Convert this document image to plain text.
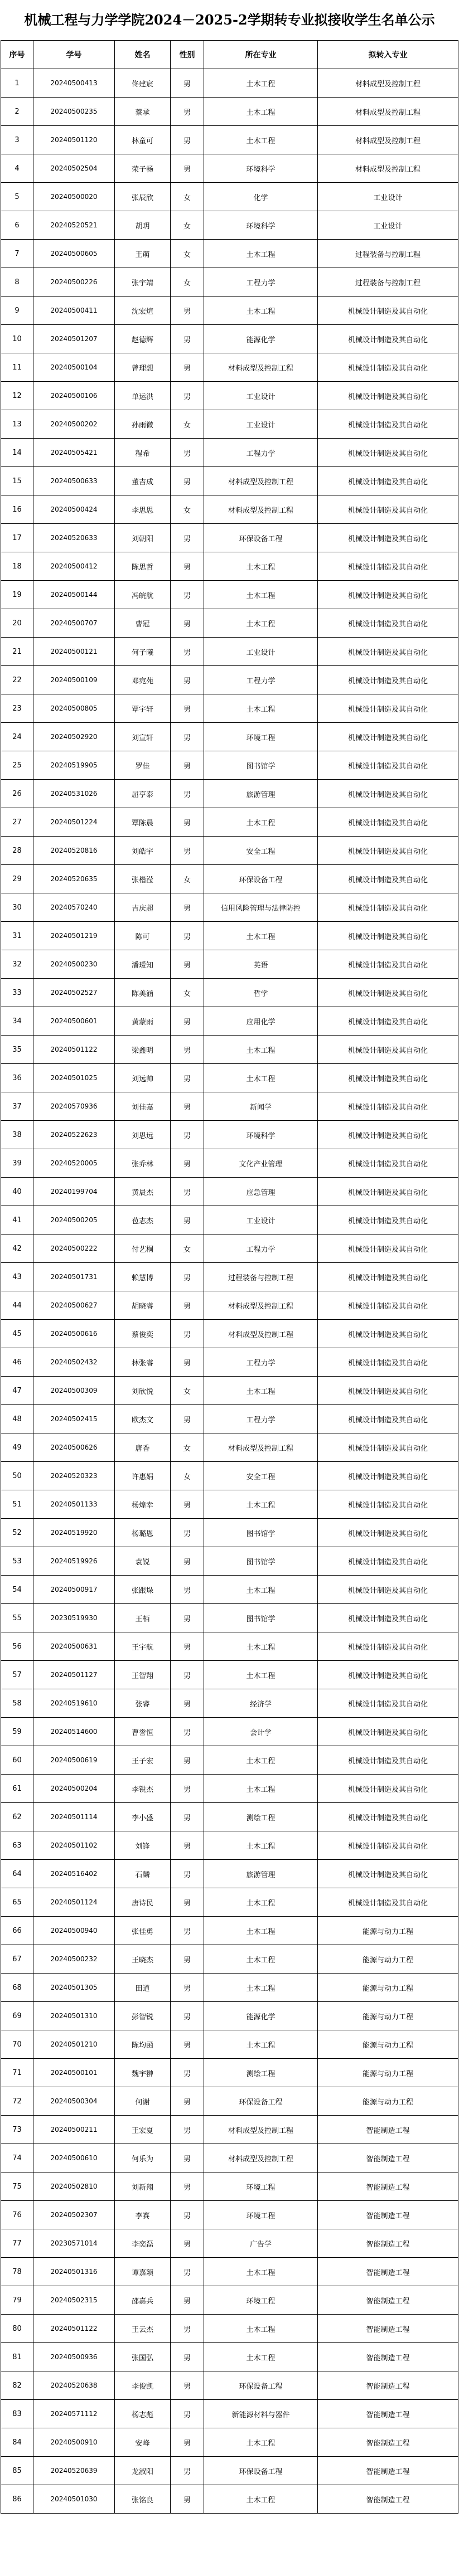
机械工程与力学学院2024－2025-2学期转专业拟接收学生名单公示
序号	学号	姓名	性别	所在专业	拟转入专业
1	20240500413	佟建宸	男	土木工程	材料成型及控制工程
2	20240500235	蔡承	男	土木工程	材料成型及控制工程
3	20240501120	林童可	男	土木工程	材料成型及控制工程
4	20240502504	荣子畅	男	环境科学	材料成型及控制工程
5	20240500020	张辰欣	女	化学	工业设计
6	20240520521	胡玥	女	环境科学	工业设计
7	20240500605	王萌	女	土木工程	过程装备与控制工程
8	20240500226	张宇靖	女	工程力学	过程装备与控制工程
9	20240500411	沈宏煊	男	土木工程	机械设计制造及其自动化
10	20240501207	赵德辉	男	能源化学	机械设计制造及其自动化
11	20240500104	曾理想	男	材料成型及控制工程	机械设计制造及其自动化
12	20240500106	单运洪	男	工业设计	机械设计制造及其自动化
13	20240500202	孙雨微	女	工业设计	机械设计制造及其自动化
14	20240505421	程希	男	工程力学	机械设计制造及其自动化
15	20240500633	董吉成	男	材料成型及控制工程	机械设计制造及其自动化
16	20240500424	李思思	女	材料成型及控制工程	机械设计制造及其自动化
17	20240520633	刘朝阳	男	环保设备工程	机械设计制造及其自动化
18	20240500412	陈思哲	男	土木工程	机械设计制造及其自动化
19	20240500144	冯皖航	男	土木工程	机械设计制造及其自动化
20	20240500707	曹冠	男	土木工程	机械设计制造及其自动化
21	20240500121	何子曦	男	工业设计	机械设计制造及其自动化
22	20240500109	邓宛苑	男	工程力学	机械设计制造及其自动化
23	20240500805	覃宇轩	男	土木工程	机械设计制造及其自动化
24	20240502920	刘宣轩	男	环境工程	机械设计制造及其自动化
25	20240519905	罗佳	男	图书馆学	机械设计制造及其自动化
26	20240531026	屈亨泰	男	旅游管理	机械设计制造及其自动化
27	20240501224	覃陈晨	男	土木工程	机械设计制造及其自动化
28	20240520816	刘皓宇	男	安全工程	机械设计制造及其自动化
29	20240520635	张楷滢	女	环保设备工程	机械设计制造及其自动化
30	20240570240	吉庆超	男	信用风险管理与法律防控	机械设计制造及其自动化
31	20240501219	陈可	男	土木工程	机械设计制造及其自动化
32	20240500230	潘瑷知	男	英语	机械设计制造及其自动化
33	20240502527	陈美涵	女	哲学	机械设计制造及其自动化
34	20240500601	黄蒙雨	男	应用化学	机械设计制造及其自动化
35	20240501122	梁鑫明	男	土木工程	机械设计制造及其自动化
36	20240501025	刘远帅	男	土木工程	机械设计制造及其自动化
37	20240570936	刘佳嘉	男	新闻学	机械设计制造及其自动化
38	20240522623	刘思远	男	环境科学	机械设计制造及其自动化
39	20240520005	张乔林	男	文化产业管理	机械设计制造及其自动化
40	20240199704	黄晨杰	男	应急管理	机械设计制造及其自动化
41	20240500205	苞志杰	男	工业设计	机械设计制造及其自动化
42	20240500222	付艺桐	女	工程力学	机械设计制造及其自动化
43	20240501731	赖慧博	男	过程装备与控制工程	机械设计制造及其自动化
44	20240500627	胡晓睿	男	材料成型及控制工程	机械设计制造及其自动化
45	20240500616	蔡俊奕	男	材料成型及控制工程	机械设计制造及其自动化
46	20240502432	林张睿	男	工程力学	机械设计制造及其自动化
47	20240500309	刘欣悦	女	土木工程	机械设计制造及其自动化
48	20240502415	欧杰文	男	工程力学	机械设计制造及其自动化
49	20240500626	唐香	女	材料成型及控制工程	机械设计制造及其自动化
50	20240520323	许惠娟	女	安全工程	机械设计制造及其自动化
51	20240501133	杨煌幸	男	土木工程	机械设计制造及其自动化
52	20240519920	杨璐恩	男	图书馆学	机械设计制造及其自动化
53	20240519926	袁锐	男	图书馆学	机械设计制造及其自动化
54	20240500917	张跟垛	男	土木工程	机械设计制造及其自动化
55	20230519930	王栢	男	图书馆学	机械设计制造及其自动化
56	20240500631	王宇航	男	土木工程	机械设计制造及其自动化
57	20240501127	王智翔	男	土木工程	机械设计制造及其自动化
58	20240519610	张睿	男	经济学	机械设计制造及其自动化
59	20240514600	曹誉恒	男	会计学	机械设计制造及其自动化
60	20240500619	王子宏	男	土木工程	机械设计制造及其自动化
61	20240500204	李锐杰	男	土木工程	机械设计制造及其自动化
62	20240501114	李小盛	男	测绘工程	机械设计制造及其自动化
63	20240501102	刘锋	男	土木工程	机械设计制造及其自动化
64	20240516402	石麟	男	旅游管理	机械设计制造及其自动化
65	20240501124	唐诗民	男	土木工程	机械设计制造及其自动化
66	20240500940	张佳勇	男	土木工程	能源与动力工程
67	20240500232	王晓杰	男	土木工程	能源与动力工程
68	20240501305	田道	男	土木工程	能源与动力工程
69	20240501310	彭智锐	男	能源化学	能源与动力工程
70	20240501210	陈均函	男	土木工程	能源与动力工程
71	20240500101	魏宇翀	男	测绘工程	能源与动力工程
72	20240500304	何谢	男	环保设备工程	能源与动力工程
73	20240500211	王宏夏	男	材料成型及控制工程	智能制造工程
74	20240500610	何乐为	男	材料成型及控制工程	智能制造工程
75	20240502810	刘新翔	男	环境工程	智能制造工程
76	20240502307	李赛	男	环境工程	智能制造工程
77	20230571014	李奕磊	男	广告学	智能制造工程
78	20240501316	谭嘉颖	男	土木工程	智能制造工程
79	20240502315	邵嘉兵	男	环境工程	智能制造工程
80	20240501122	王云杰	男	土木工程	智能制造工程
81	20240500936	张国弘	男	土木工程	智能制造工程
82	20240520638	李俊凯	男	环保设备工程	智能制造工程
83	20240571112	杨志彪	男	新能源材料与器件	智能制造工程
84	20240500910	安峰	男	土木工程	智能制造工程
85	20240520639	龙淑阳	男	环保设备工程	智能制造工程
86	20240501030	张铭良	男	土木工程	智能制造工程
